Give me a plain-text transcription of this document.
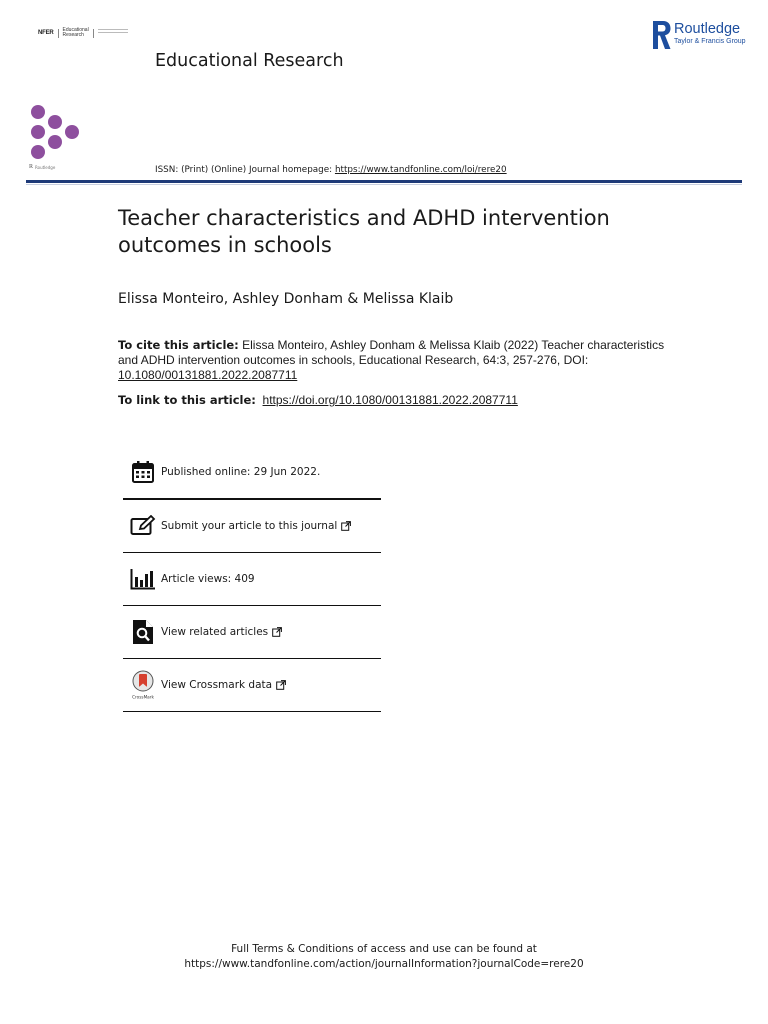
NFER Educational
Research
Educational Research
Routledge
Taylor & Francis Group
R Routledge	ISSN: (Print) (Online) Journal homepage: https://www.tandfonline.com/loi/rere20
Teacher characteristics and ADHD intervention outcomes in schools
Elissa Monteiro, Ashley Donham & Melissa Klaib
To cite this article: Elissa Monteiro, Ashley Donham & Melissa Klaib (2022) Teacher characteristics and ADHD intervention outcomes in schools, Educational Research, 64:3, 257-276, DOI: 10.1080/00131881.2022.2087711
To link to this article: https://doi.org/10.1080/00131881.2022.2087711
Published online: 29 Jun 2022.
Submit your article to this journal
Article views: 409
View related articles
CrossMark
View Crossmark data
Full Terms & Conditions of access and use can be found at
https://www.tandfonline.com/action/journalInformation?journalCode=rere20
